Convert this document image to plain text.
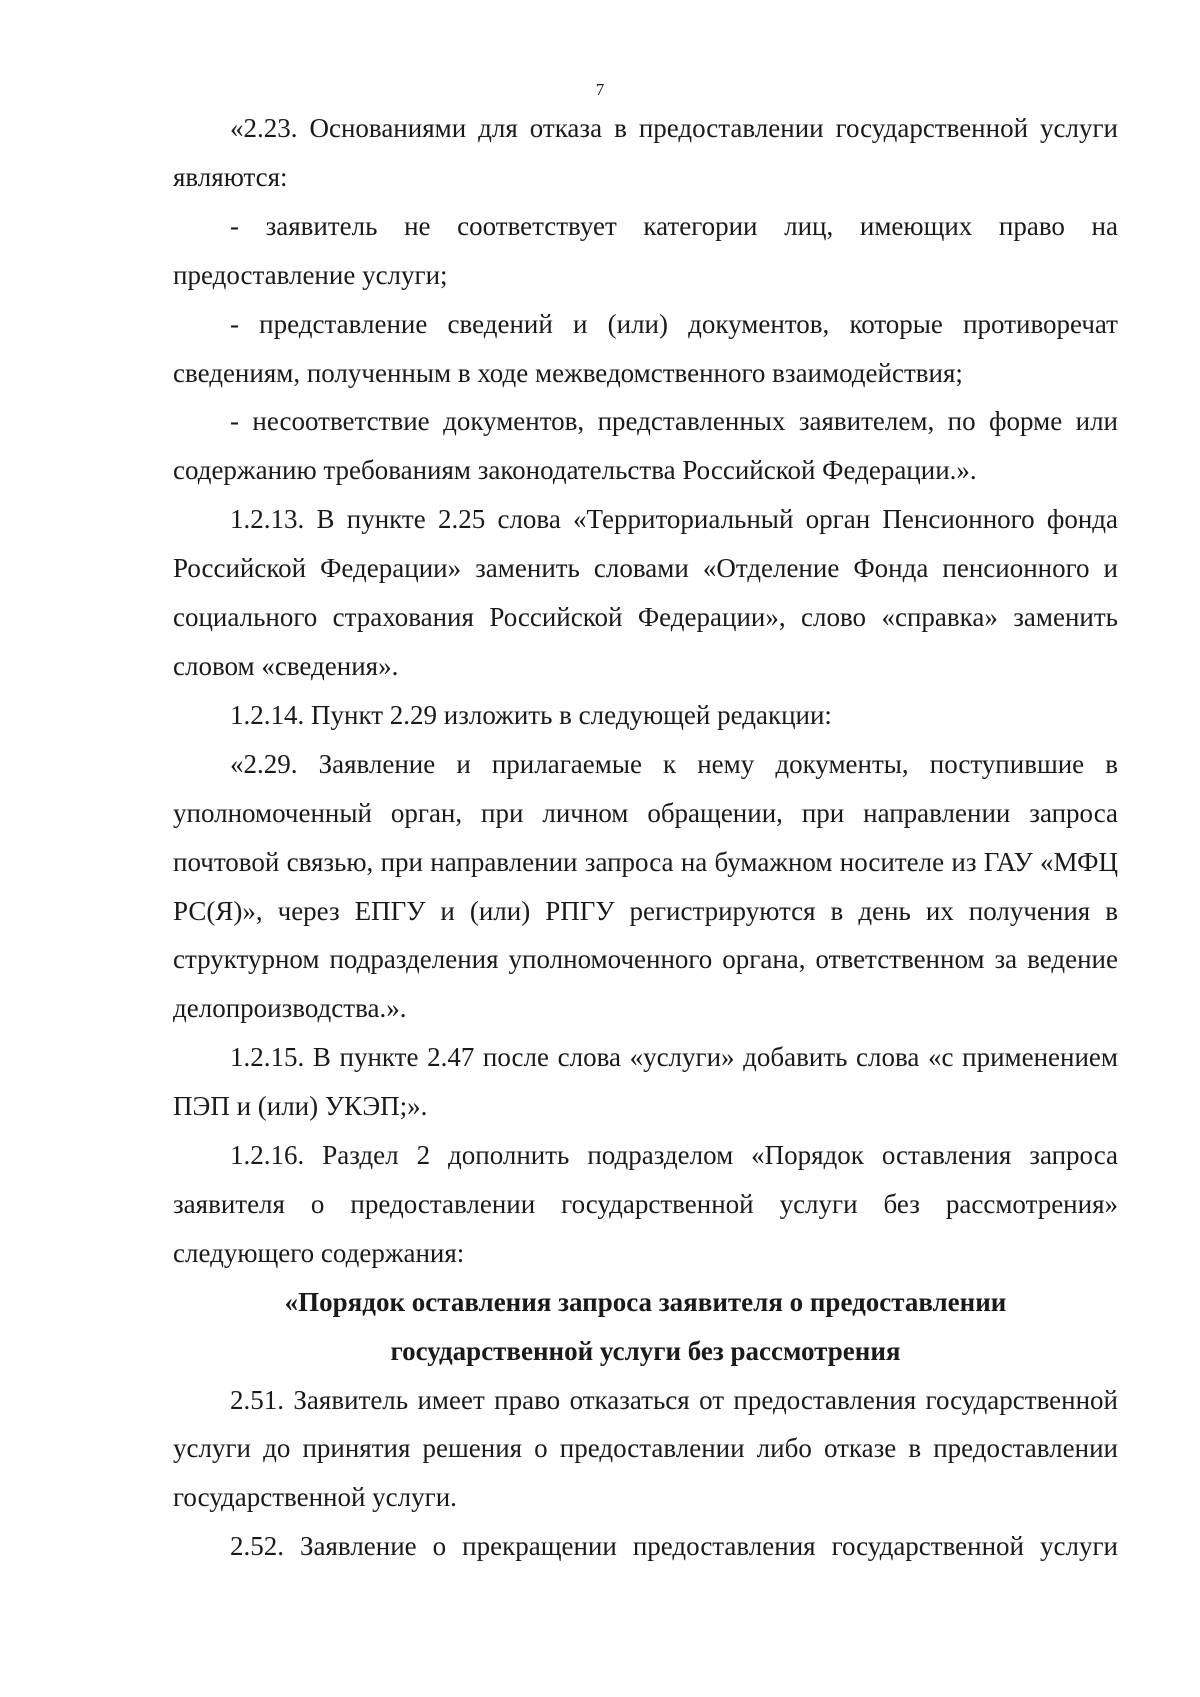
7

«2.23. Основаниями для отказа в предоставлении государственной услуги являются:

- заявитель не соответствует категории лиц, имеющих право на предоставление услуги;

- представление сведений и (или) документов, которые противоречат сведениям, полученным в ходе межведомственного взаимодействия;

- несоответствие документов, представленных заявителем, по форме или содержанию требованиям законодательства Российской Федерации.».

1.2.13. В пункте 2.25 слова «Территориальный орган Пенсионного фонда Российской Федерации» заменить словами «Отделение Фонда пенсионного и социального страхования Российской Федерации», слово «справка» заменить словом «сведения».

1.2.14. Пункт 2.29 изложить в следующей редакции:

«2.29. Заявление и прилагаемые к нему документы, поступившие в уполномоченный орган, при личном обращении, при направлении запроса почтовой связью, при направлении запроса на бумажном носителе из ГАУ «МФЦ РС(Я)», через ЕПГУ и (или) РПГУ регистрируются в день их получения в структурном подразделения уполномоченного органа, ответственном за ведение делопроизводства.».

1.2.15. В пункте 2.47 после слова «услуги» добавить слова «с применением ПЭП и (или) УКЭП;».

1.2.16. Раздел 2 дополнить подразделом «Порядок оставления запроса заявителя о предоставлении государственной услуги без рассмотрения» следующего содержания:

«Порядок оставления запроса заявителя о предоставлении
государственной услуги без рассмотрения

2.51. Заявитель имеет право отказаться от предоставления государственной услуги до принятия решения о предоставлении либо отказе в предоставлении государственной услуги.

2.52. Заявление о прекращении предоставления государственной услуги
